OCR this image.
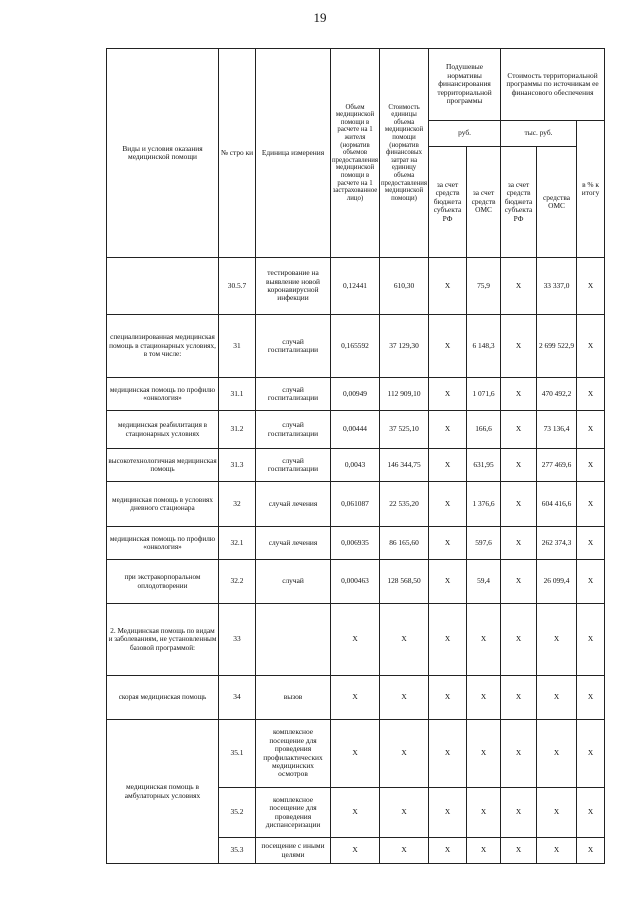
19
Виды и условия оказания медицинской помощи	№ стро ки	Единица измерения	Объем медицинской помощи в расчете на 1 жителя (норматив объемов предоставления медицинской помощи в расчете на 1 застрахованное лицо)	Стоимость единицы объема медицинской помощи (норматив финансовых затрат на единицу объема предоставления медицинской помощи)	Подушевые нормативы финансирования территориальной программы		Стоимость территориальной программы по источникам ее финансового обеспечения		
					руб.		тыс. руб.		в % к итогу
					за счет средств бюджета субъекта РФ	за счет средств ОМС	за счет средств бюджета субъекта РФ	средства ОМС	
	30.5.7	тестирование на выявление новой коронавирусной инфекции	0,12441	610,30	X	75,9	X	33 337,0	X
специализированная медицинская помощь в стационарных условиях, в том числе:	31	случай госпитализации	0,165592	37 129,30	X	6 148,3	X	2 699 522,9	X
медицинская помощь по профилю «онкология»	31.1	случай госпитализации	0,00949	112 909,10	X	1 071,6	X	470 492,2	X
медицинская реабилитация в стационарных условиях	31.2	случай госпитализации	0,00444	37 525,10	X	166,6	X	73 136,4	X
высокотехнологичная медицинская помощь	31.3	случай госпитализации	0,0043	146 344,75	X	631,95	X	277 469,6	X
медицинская помощь в условиях дневного стационара	32	случай лечения	0,061087	22 535,20	X	1 376,6	X	604 416,6	X
медицинская помощь по профилю «онкология»	32.1	случай лечения	0,006935	86 165,60	X	597,6	X	262 374,3	X
при экстракорпоральном оплодотворении	32.2	случай	0,000463	128 568,50	X	59,4	X	26 099,4	X
2. Медицинская помощь по видам и заболеваниям, не установленным базовой программой:	33		X	X	X	X	X	X	X
скорая медицинская помощь	34	вызов	X	X	X	X	X	X	X
медицинская помощь в амбулаторных условиях	35.1	комплексное посещение для проведения профилактических медицинских осмотров	X	X	X	X	X	X	X
	35.2	комплексное посещение для проведения диспансеризации	X	X	X	X	X	X	X
	35.3	посещение с иными целями	X	X	X	X	X	X	X
